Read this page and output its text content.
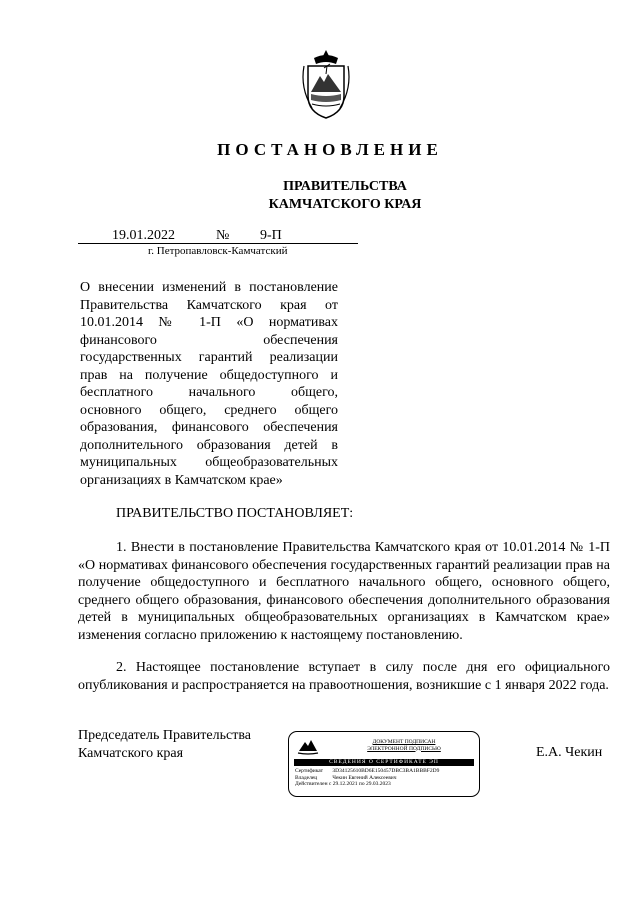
ПОСТАНОВЛЕНИЕ
ПРАВИТЕЛЬСТВА
КАМЧАТСКОГО КРАЯ
19.01.2022	№ 9-П
г. Петропавловск-Камчатский
О внесении изменений в постановление Правительства Камчатского края от 10.01.2014 № 1-П «О нормативах финансового обеспечения государственных гарантий реализации прав на получение общедоступного и бесплатного начального общего, основного общего, среднего общего образования, финансового обеспечения дополнительного образования детей в муниципальных общеобразовательных организациях в Камчатском крае»
ПРАВИТЕЛЬСТВО ПОСТАНОВЛЯЕТ:
1. Внести в постановление Правительства Камчатского края от 10.01.2014 № 1-П «О нормативах финансового обеспечения государственных гарантий реализации прав на получение общедоступного и бесплатного начального общего, основного общего, среднего общего образования, финансового обеспечения дополнительного образования детей в муниципальных общеобразовательных организациях в Камчатском крае» изменения согласно приложению к настоящему постановлению.
2. Настоящее постановление вступает в силу после дня его официального опубликования и распространяется на правоотношения, возникшие с 1 января 2022 года.
Председатель Правительства
Камчатского края
ДОКУМЕНТ ПОДПИСАН
ЭЛЕКТРОННОЙ ПОДПИСЬЮ
СВЕДЕНИЯ О СЕРТИФИКАТЕ ЭП
Сертификат 3D34125610BD6E150457DBC3BA1BBBF2D9
Владелец	Чекин Евгений Алексеевич
Действителен с 29.12.2021 по 29.03.2023
Е.А. Чекин
